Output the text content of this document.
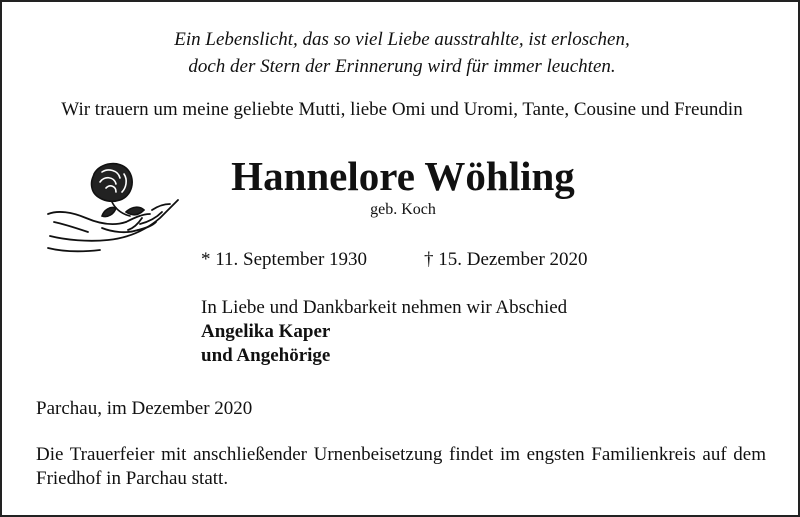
Ein Lebenslicht, das so viel Liebe ausstrahlte, ist erloschen,
doch der Stern der Erinnerung wird für immer leuchten.
Wir trauern um meine geliebte Mutti, liebe Omi und Uromi, Tante, Cousine und Freundin
Hannelore Wöhling
geb. Koch
* 11. September 1930	† 15. Dezember 2020
In Liebe und Dankbarkeit nehmen wir Abschied
Angelika Kaper
und Angehörige
Parchau, im Dezember 2020
Die Trauerfeier mit anschließender Urnenbeisetzung findet im engsten Familienkreis auf dem Friedhof in Parchau statt.
